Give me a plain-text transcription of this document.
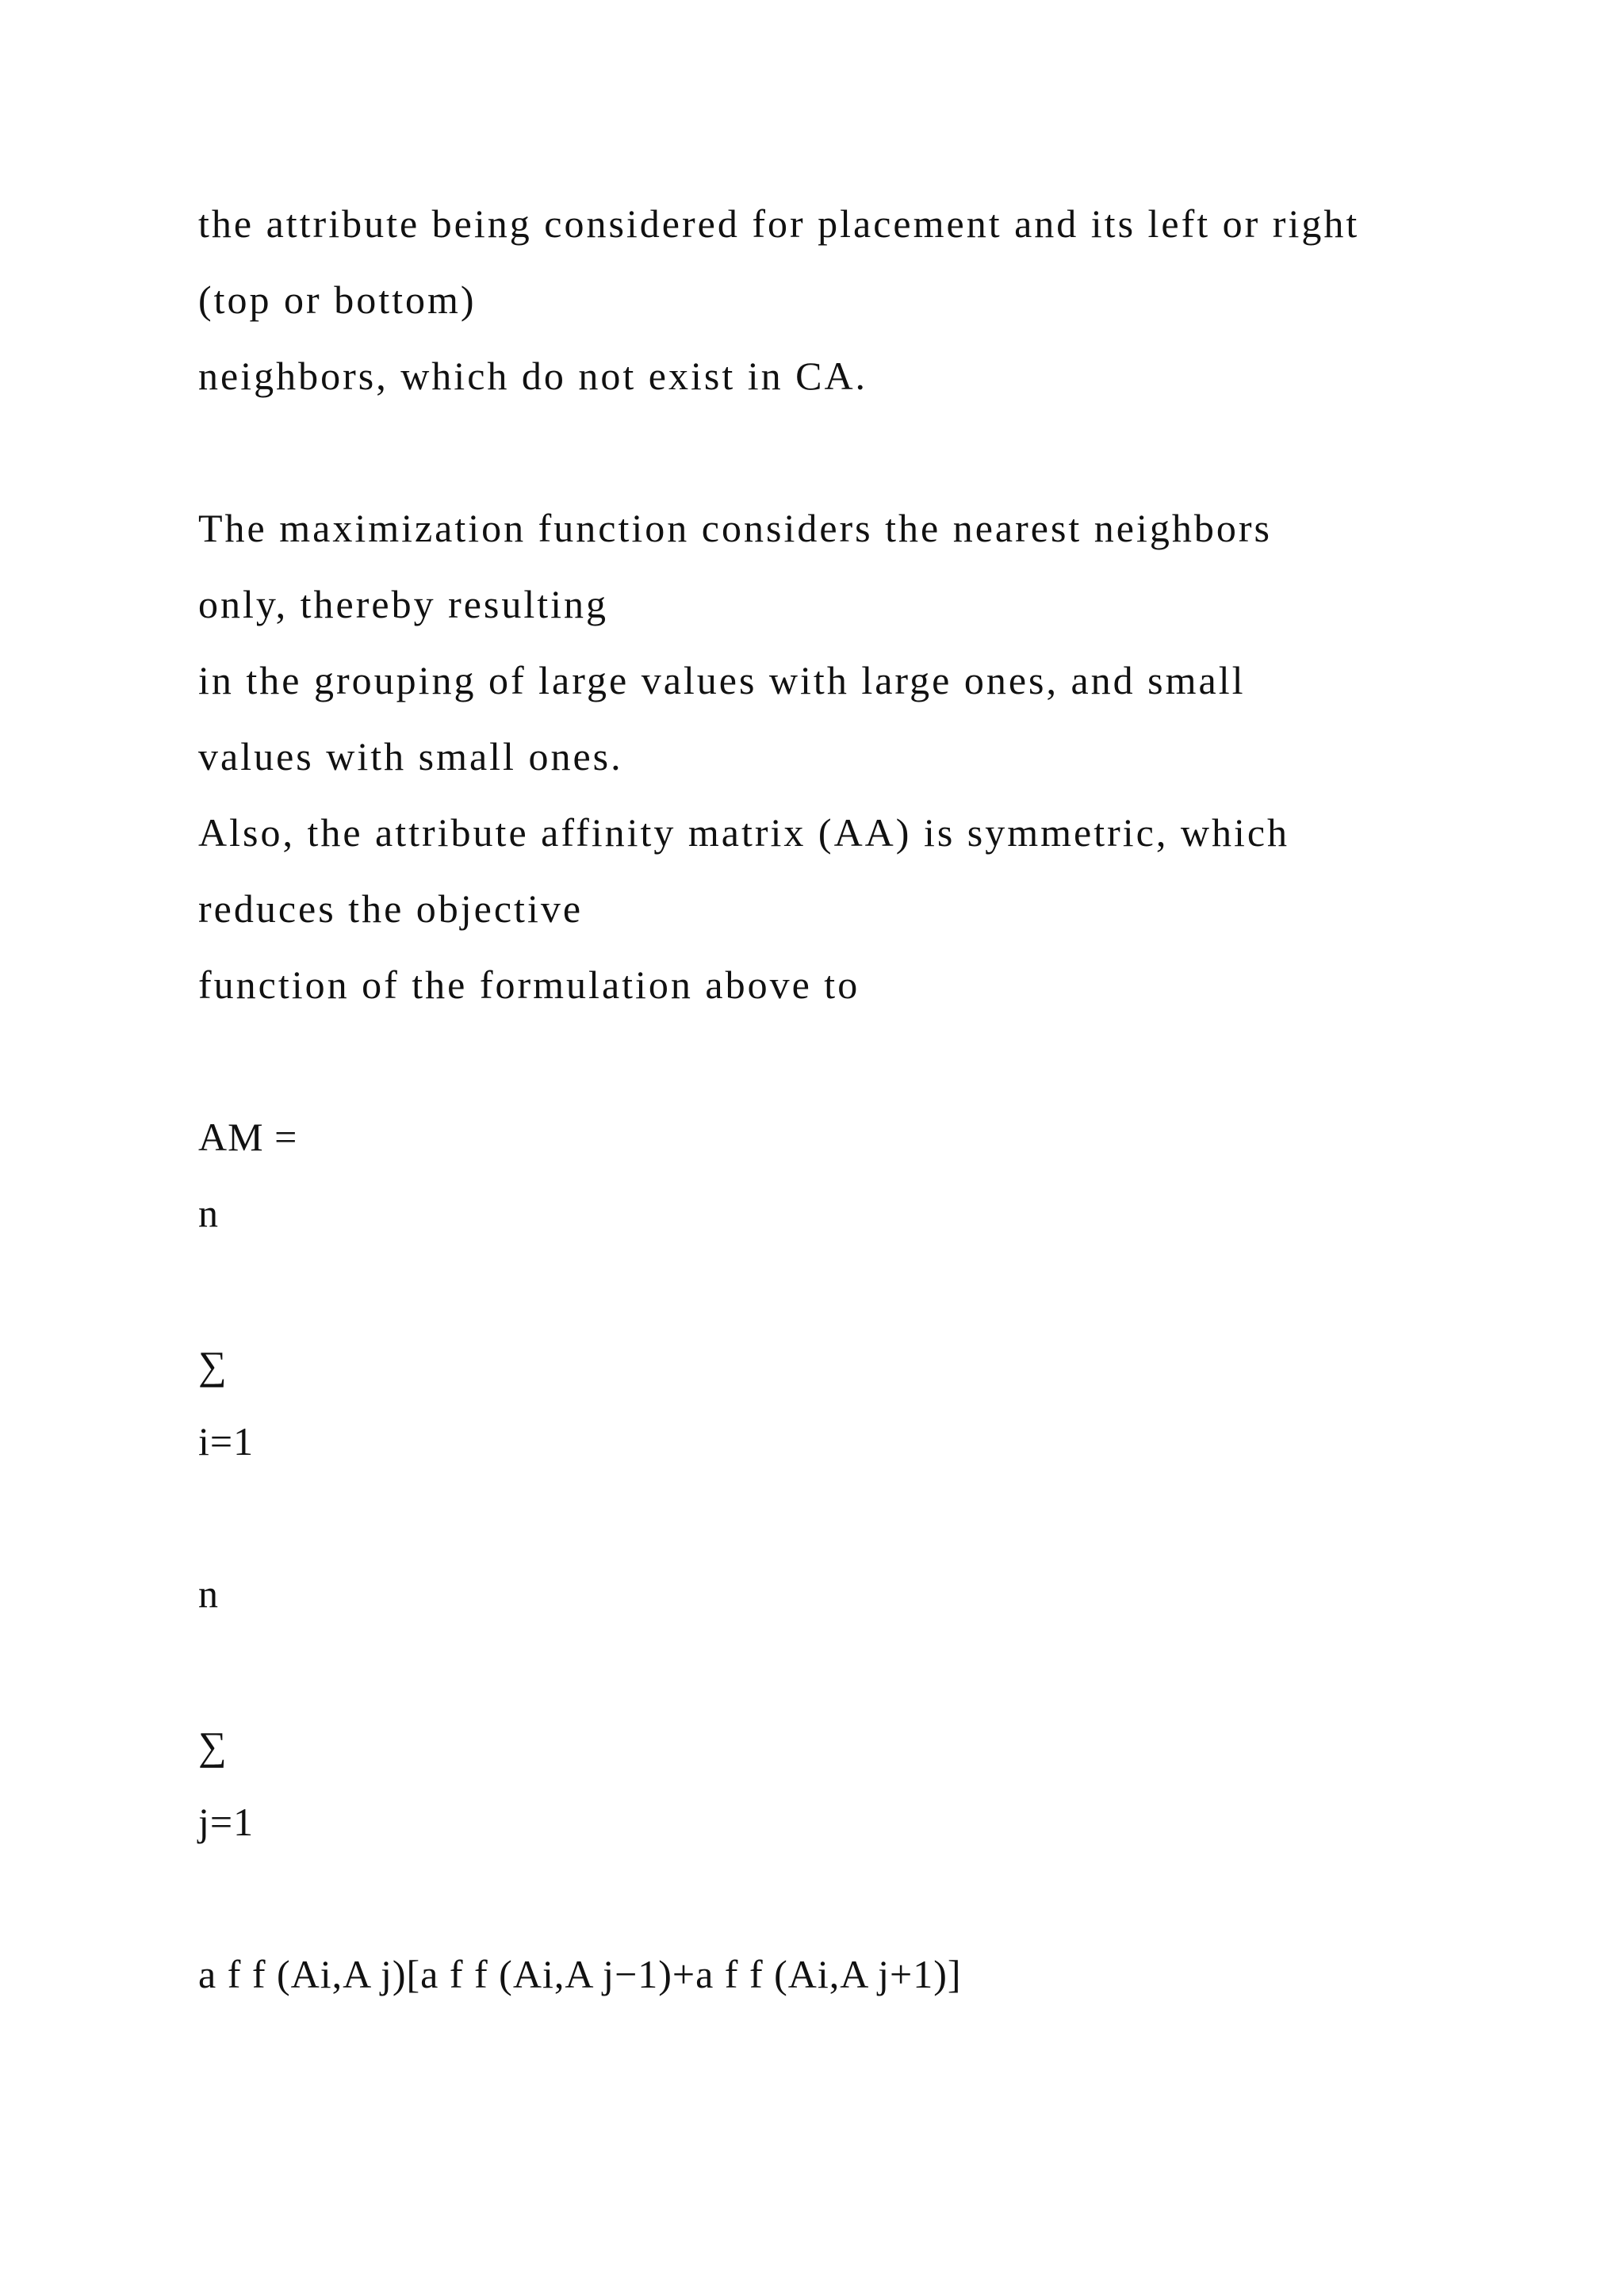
the attribute being considered for placement and its left or right

(top or bottom)

neighbors, which do not exist in CA.

The maximization function considers the nearest neighbors

only, thereby resulting

in the grouping of large values with large ones, and small

values with small ones.

Also, the attribute affinity matrix (AA) is symmetric, which

reduces the objective

function of the formulation above to

AM =

n

∑

i=1

n

∑

j=1

a f f (Ai,A j)[a f f (Ai,A j−1)+a f f (Ai,A j+1)]
